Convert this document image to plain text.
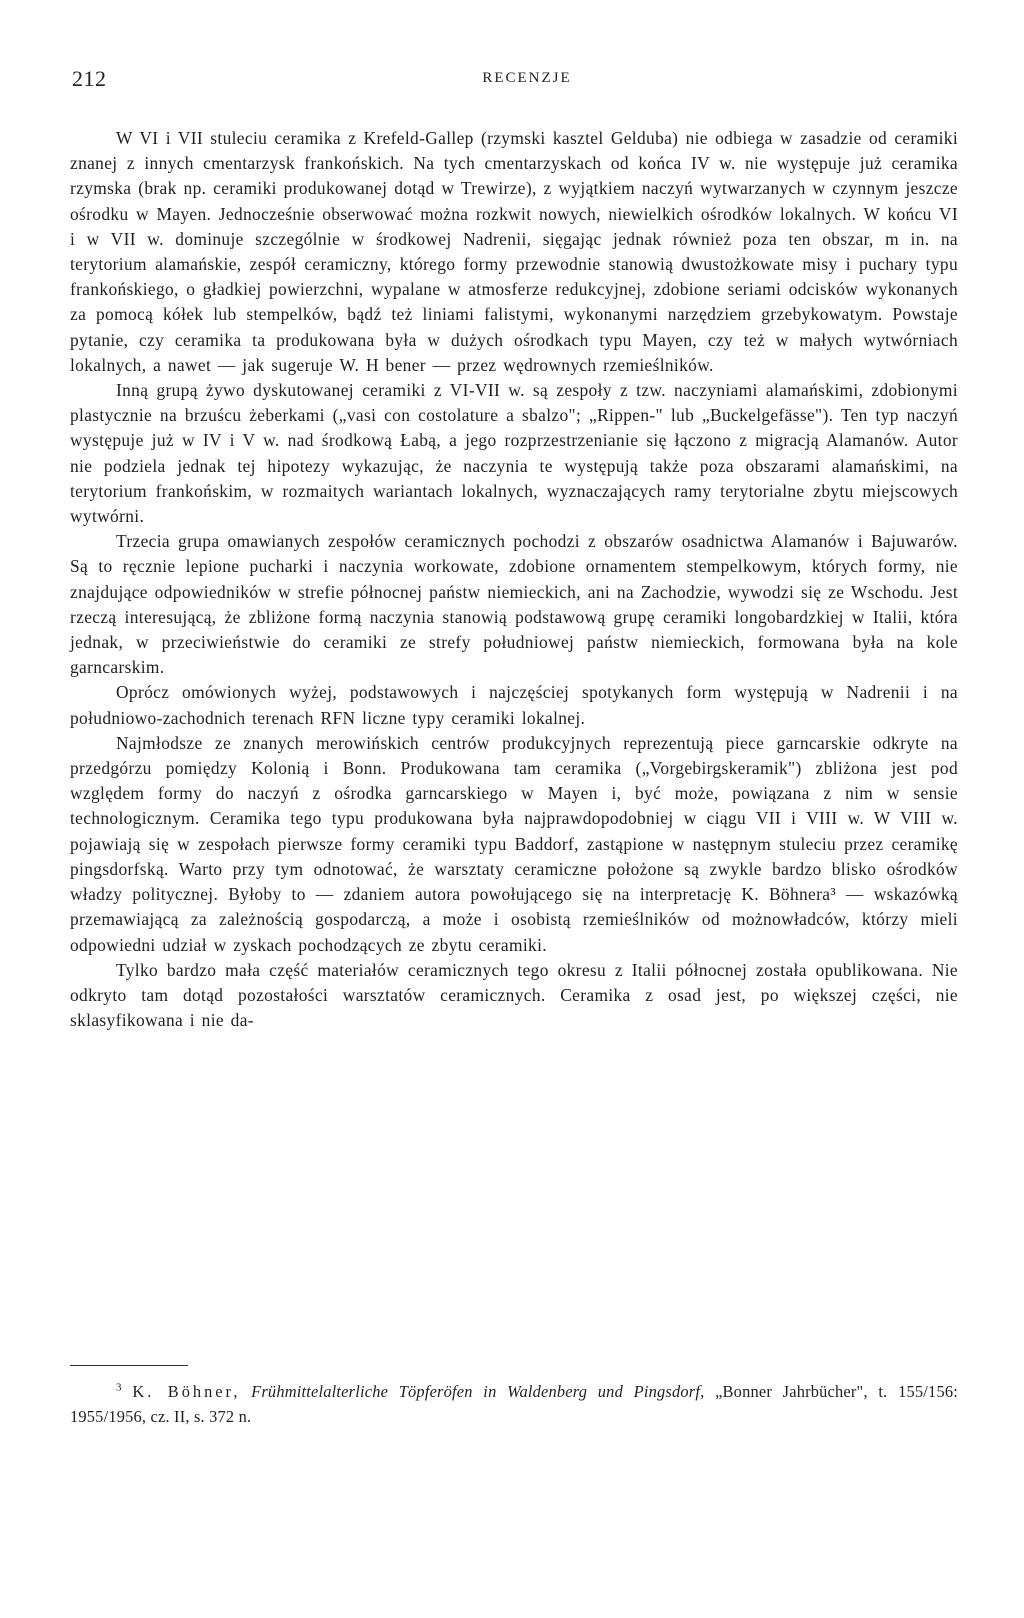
212	RECENZJE

W VI i VII stuleciu ceramika z Krefeld-Gallep (rzymski kasztel Gelduba) nie odbiega w zasadzie od ceramiki znanej z innych cmentarzysk frankońskich. Na tych cmentarzyskach od końca IV w. nie występuje już ceramika rzymska (brak np. ceramiki produkowanej dotąd w Trewirze), z wyjątkiem naczyń wytwarzanych w czynnym jeszcze ośrodku w Mayen. Jednocześnie obserwować można rozkwit nowych, niewielkich ośrodków lokalnych. W końcu VI i w VII w. dominuje szczególnie w środkowej Nadrenii, sięgając jednak również poza ten obszar, m in. na terytorium alamańskie, zespół ceramiczny, którego formy przewodnie stanowią dwustożkowate misy i puchary typu frankońskiego, o gładkiej powierzchni, wypalane w atmosferze redukcyjnej, zdobione seriami odcisków wykonanych za pomocą kółek lub stempelków, bądź też liniami falistymi, wykonanymi narzędziem grzebykowatym. Powstaje pytanie, czy ceramika ta produkowana była w dużych ośrodkach typu Mayen, czy też w małych wytwórniach lokalnych, a nawet — jak sugeruje W. H bener — przez wędrownych rzemieślników.

Inną grupą żywo dyskutowanej ceramiki z VI-VII w. są zespoły z tzw. naczyniami alamańskimi, zdobionymi plastycznie na brzuścu żeberkami („vasi con costolature a sbalzo"; „Rippen-" lub „Buckelgefässe"). Ten typ naczyń występuje już w IV i V w. nad środkową Łabą, a jego rozprzestrzenianie się łączono z migracją Alamanów. Autor nie podziela jednak tej hipotezy wykazując, że naczynia te występują także poza obszarami alamańskimi, na terytorium frankońskim, w rozmaitych wariantach lokalnych, wyznaczających ramy terytorialne zbytu miejscowych wytwórni.

Trzecia grupa omawianych zespołów ceramicznych pochodzi z obszarów osadnictwa Alamanów i Bajuwarów. Są to ręcznie lepione pucharki i naczynia workowate, zdobione ornamentem stempelkowym, których formy, nie znajdujące odpowiedników w strefie północnej państw niemieckich, ani na Zachodzie, wywodzi się ze Wschodu. Jest rzeczą interesującą, że zbliżone formą naczynia stanowią podstawową grupę ceramiki longobardzkiej w Italii, która jednak, w przeciwieństwie do ceramiki ze strefy południowej państw niemieckich, formowana była na kole garncarskim.

Oprócz omówionych wyżej, podstawowych i najczęściej spotykanych form występują w Nadrenii i na południowo-zachodnich terenach RFN liczne typy ceramiki lokalnej.

Najmłodsze ze znanych merowińskich centrów produkcyjnych reprezentują piece garncarskie odkryte na przedgórzu pomiędzy Kolonią i Bonn. Produkowana tam ceramika („Vorgebirgskeramik") zbliżona jest pod względem formy do naczyń z ośrodka garncarskiego w Mayen i, być może, powiązana z nim w sensie technologicznym. Ceramika tego typu produkowana była najprawdopodobniej w ciągu VII i VIII w. W VIII w. pojawiają się w zespołach pierwsze formy ceramiki typu Baddorf, zastąpione w następnym stuleciu przez ceramikę pingsdorfską. Warto przy tym odnotować, że warsztaty ceramiczne położone są zwykle bardzo blisko ośrodków władzy politycznej. Byłoby to — zdaniem autora powołującego się na interpretację K. Böhnera³ — wskazówką przemawiającą za zależnością gospodarczą, a może i osobistą rzemieślników od możnowładców, którzy mieli odpowiedni udział w zyskach pochodzących ze zbytu ceramiki.

Tylko bardzo mała część materiałów ceramicznych tego okresu z Italii północnej została opublikowana. Nie odkryto tam dotąd pozostałości warsztatów ceramicznych. Ceramika z osad jest, po większej części, nie sklasyfikowana i nie da-

$^3$ K. Böhner, Frühmittelalterliche Töpferöfen in Waldenberg und Pingsdorf, „Bonner Jahrbücher", t. 155/156: 1955/1956, cz. II, s. 372 n.
